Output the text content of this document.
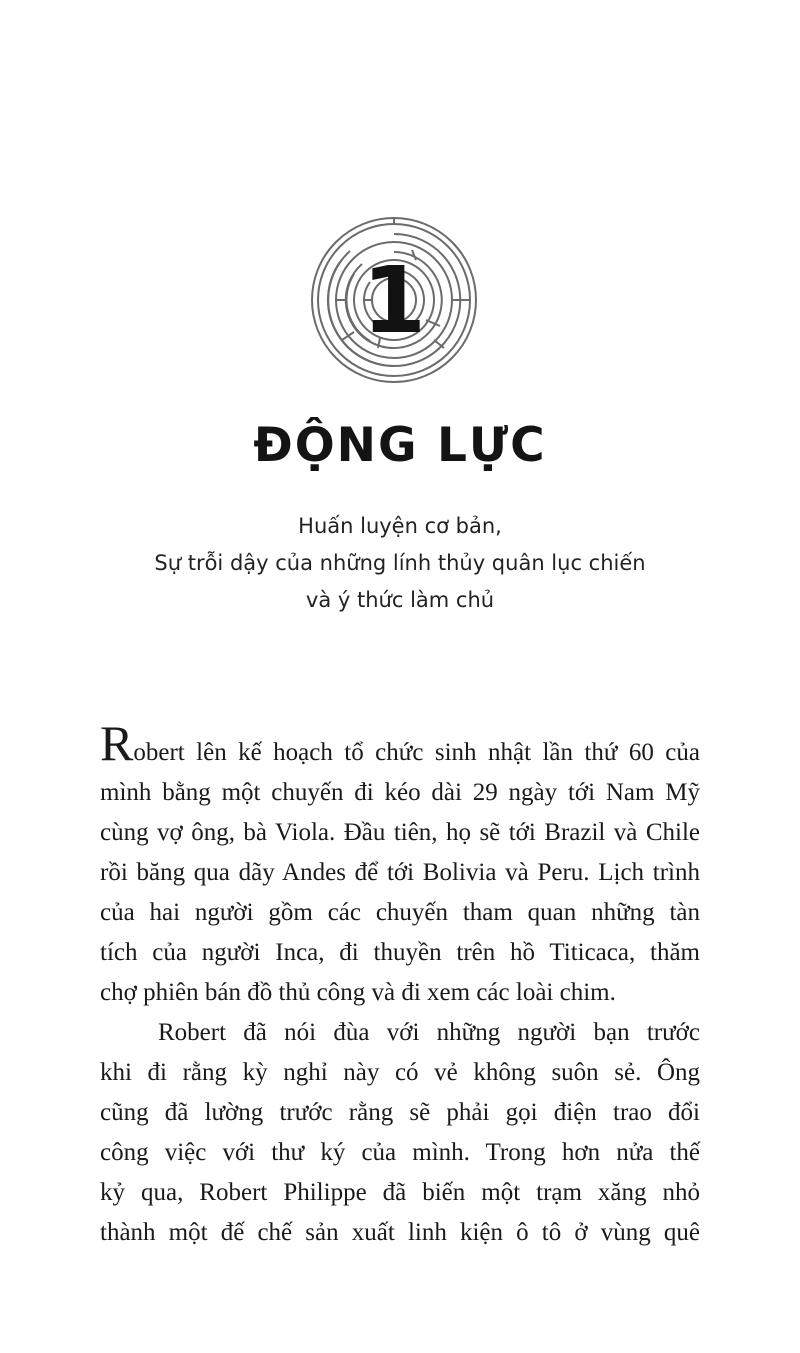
1
ĐỘNG LỰC
Huấn luyện cơ bản,
Sự trỗi dậy của những lính thủy quân lục chiến
và ý thức làm chủ

Robert lên kế hoạch tổ chức sinh nhật lần thứ 60 của
mình bằng một chuyến đi kéo dài 29 ngày tới Nam Mỹ
cùng vợ ông, bà Viola. Đầu tiên, họ sẽ tới Brazil và Chile
rồi băng qua dãy Andes để tới Bolivia và Peru. Lịch trình
của hai người gồm các chuyến tham quan những tàn
tích của người Inca, đi thuyền trên hồ Titicaca, thăm
chợ phiên bán đồ thủ công và đi xem các loài chim.

Robert đã nói đùa với những người bạn trước
khi đi rằng kỳ nghỉ này có vẻ không suôn sẻ. Ông
cũng đã lường trước rằng sẽ phải gọi điện trao đổi
công việc với thư ký của mình. Trong hơn nửa thế
kỷ qua, Robert Philippe đã biến một trạm xăng nhỏ
thành một đế chế sản xuất linh kiện ô tô ở vùng quê
